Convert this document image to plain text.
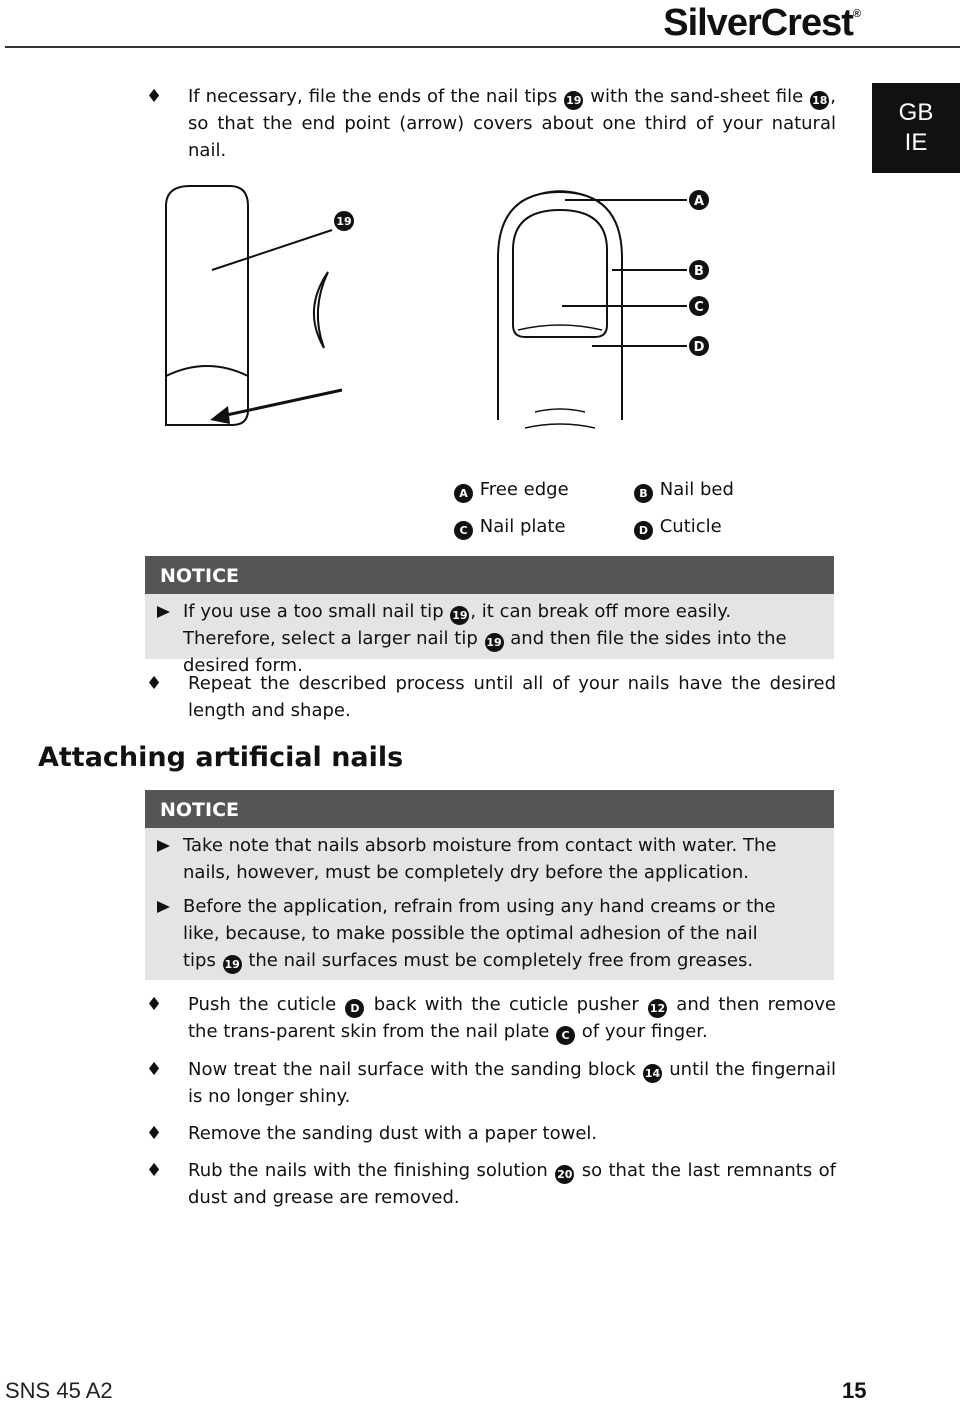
SilverCrest®
GB
IE
♦ If necessary, file the ends of the nail tips 19 with the sand-sheet file 18 , so that the end point (arrow) covers about one third of your natural nail.
19
A
B
C
D
A Free edge	B Nail bed
C Nail plate	D Cuticle
NOTICE
If you use a too small nail tip 19 , it can break off more easily. Therefore, select a larger nail tip 19 and then file the sides into the desired form.
♦ Repeat the described process until all of your nails have the desired length and shape.
Attaching artificial nails
NOTICE
Take note that nails absorb moisture from contact with water. The nails, however, must be completely dry before the application.
Before the application, refrain from using any hand creams or the like, because, to make possible the optimal adhesion of the nail tips 19 the nail surfaces must be completely free from greases.
♦ Push the cuticle D back with the cuticle pusher 12 and then remove the trans-parent skin from the nail plate C of your finger.
♦ Now treat the nail surface with the sanding block 14 until the fingernail is no longer shiny.
♦ Remove the sanding dust with a paper towel.
♦ Rub the nails with the finishing solution 20 so that the last remnants of dust and grease are removed.
SNS 45 A2	15
